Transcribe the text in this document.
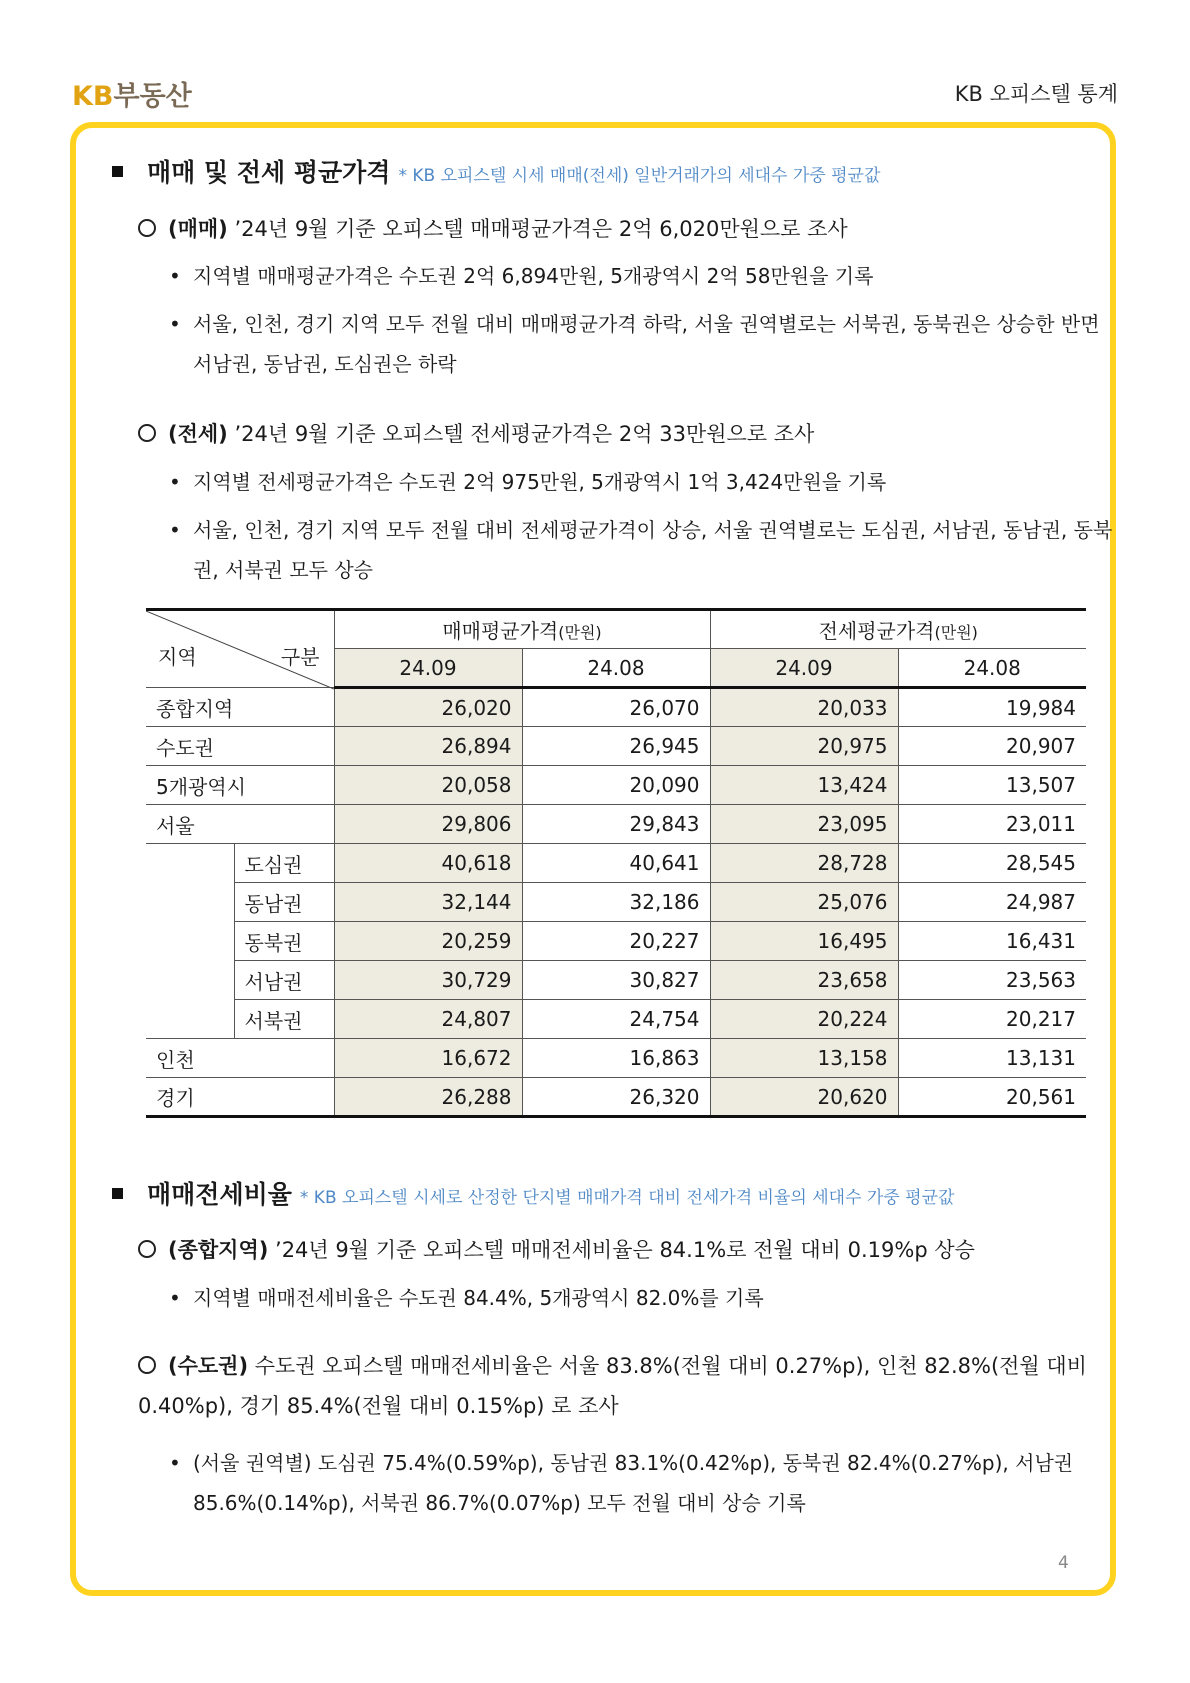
KB부동산	KB 오피스텔 통계
매매 및 전세 평균가격 * KB 오피스텔 시세 매매(전세) 일반거래가의 세대수 가중 평균값
(매매) ’24년 9월 기준 오피스텔 매매평균가격은 2억 6,020만원으로 조사
• 지역별 매매평균가격은 수도권 2억 6,894만원, 5개광역시 2억 58만원을 기록
• 서울, 인천, 경기 지역 모두 전월 대비 매매평균가격 하락, 서울 권역별로는 서북권, 동북권은 상승한 반면 서남권, 동남권, 도심권은 하락
(전세) ’24년 9월 기준 오피스텔 전세평균가격은 2억 33만원으로 조사
• 지역별 전세평균가격은 수도권 2억 975만원, 5개광역시 1억 3,424만원을 기록
• 서울, 인천, 경기 지역 모두 전월 대비 전세평균가격이 상승, 서울 권역별로는 도심권, 서남권, 동남권, 동북권, 서북권 모두 상승
지역 구분		매매평균가격(만원)		전세평균가격(만원)	
		24.09	24.08	24.09	24.08
종합지역		26,020	26,070	20,033	19,984
수도권		26,894	26,945	20,975	20,907
5개광역시		20,058	20,090	13,424	13,507
서울		29,806	29,843	23,095	23,011
	도심권	40,618	40,641	28,728	28,545
	동남권	32,144	32,186	25,076	24,987
	동북권	20,259	20,227	16,495	16,431
	서남권	30,729	30,827	23,658	23,563
	서북권	24,807	24,754	20,224	20,217
인천		16,672	16,863	13,158	13,131
경기		26,288	26,320	20,620	20,561
매매전세비율 * KB 오피스텔 시세로 산정한 단지별 매매가격 대비 전세가격 비율의 세대수 가중 평균값
(종합지역) ’24년 9월 기준 오피스텔 매매전세비율은 84.1%로 전월 대비 0.19%p 상승
• 지역별 매매전세비율은 수도권 84.4%, 5개광역시 82.0%를 기록
(수도권) 수도권 오피스텔 매매전세비율은 서울 83.8%(전월 대비 0.27%p), 인천 82.8%(전월 대비 0.40%p), 경기 85.4%(전월 대비 0.15%p) 로 조사
• (서울 권역별) 도심권 75.4%(0.59%p), 동남권 83.1%(0.42%p), 동북권 82.4%(0.27%p), 서남권 85.6%(0.14%p), 서북권 86.7%(0.07%p) 모두 전월 대비 상승 기록
4
